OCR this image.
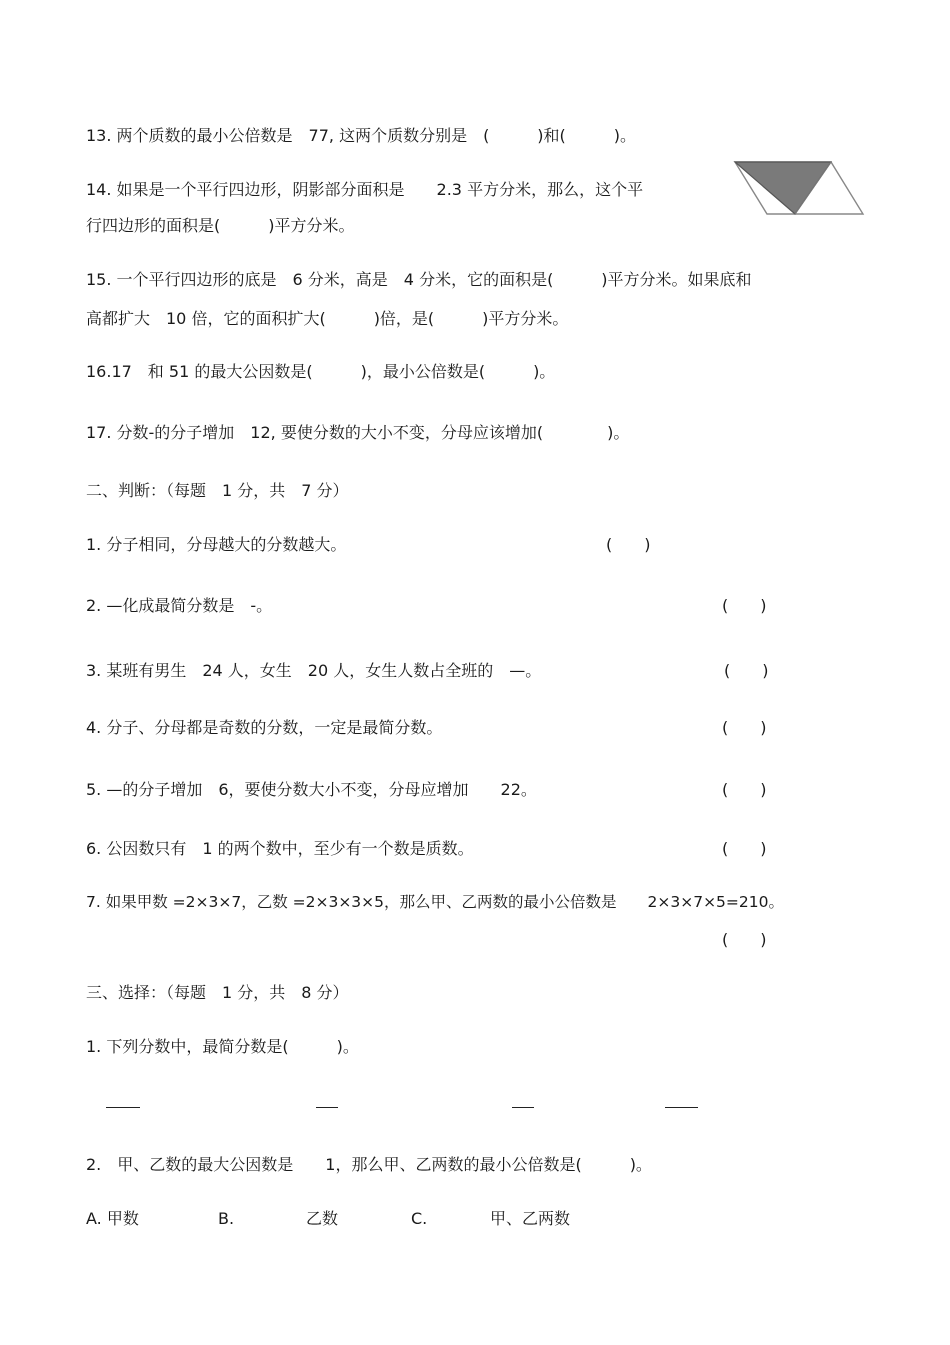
13. 两个质数的最小公倍数是　77, 这两个质数分别是　(　　　)和(　　　)。
14. 如果是一个平行四边形，阴影部分面积是　　2.3 平方分米，那么，这个平
行四边形的面积是(　　　)平方分米。
15. 一个平行四边形的底是　6 分米，高是　4 分米，它的面积是(　　　)平方分米。如果底和
高都扩大　10 倍，它的面积扩大(　　　)倍，是(　　　)平方分米。
16.17　和 51 的最大公因数是(　　　)，最小公倍数是(　　　)。
17. 分数-的分子增加　12, 要使分数的大小不变，分母应该增加(　　　　)。
二、判断：（每题　1 分，共　7 分）
1. 分子相同，分母越大的分数越大。	(　　)
2. —化成最简分数是　-。	(　　)
3. 某班有男生　24 人，女生　20 人，女生人数占全班的　—。	(　　)
4. 分子、分母都是奇数的分数，一定是最简分数。	(　　)
5. —的分子增加　6，要使分数大小不变，分母应增加　　22。	(　　)
6. 公因数只有　1 的两个数中，至少有一个数是质数。	(　　)
7. 如果甲数 =2×3×7，乙数 =2×3×3×5，那么甲、乙两数的最小公倍数是　　2×3×7×5=210。
(　　)
三、选择：（每题　1 分，共　8 分）
1. 下列分数中，最简分数是(　　　)。
2.　甲、乙数的最大公因数是　　1，那么甲、乙两数的最小公倍数是(　　　)。
A. 甲数	B.	乙数	C.	甲、乙两数
